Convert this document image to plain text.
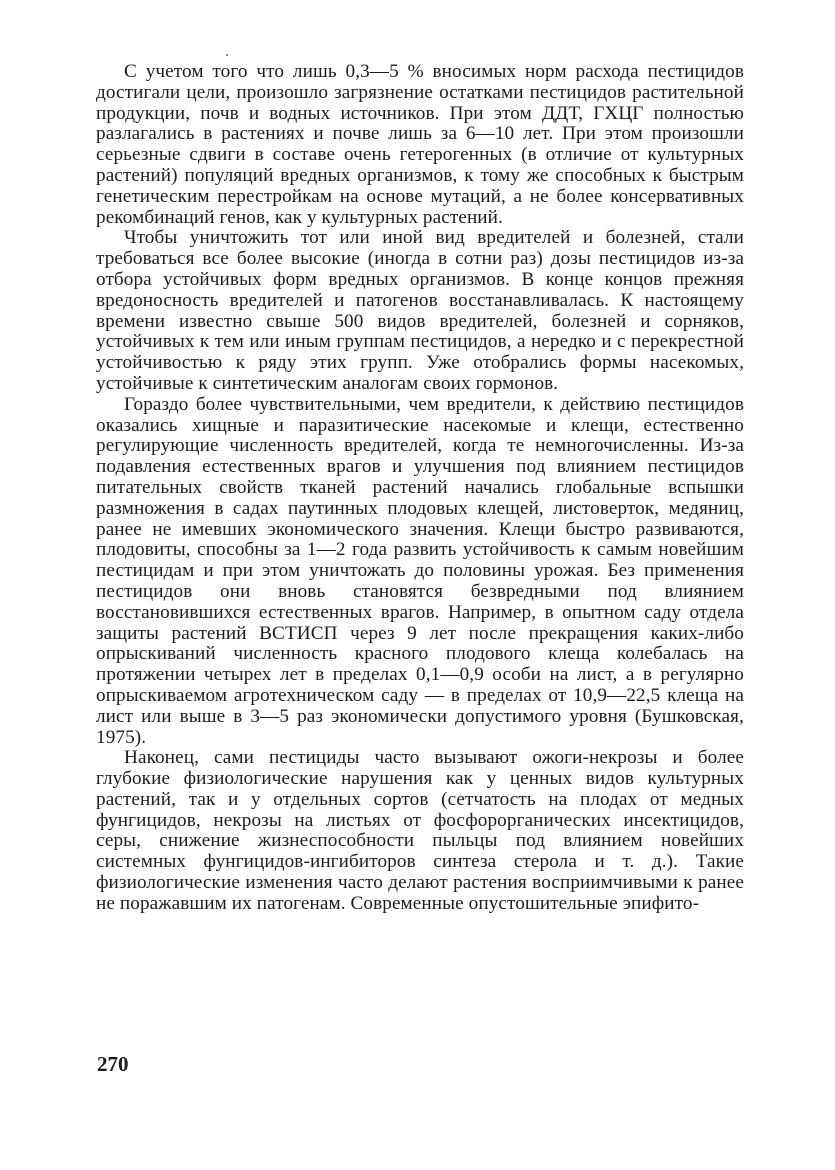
С учетом того что лишь 0,3—5 % вносимых норм расхода пестицидов достигали цели, произошло загрязнение остатками пестицидов растительной продукции, почв и водных источников. При этом ДДТ, ГХЦГ полностью разлагались в растениях и почве лишь за 6—10 лет. При этом произошли серьезные сдвиги в составе очень гетерогенных (в отличие от культурных растений) популяций вредных организмов, к тому же способных к быстрым генетическим перестройкам на основе мутаций, а не более консервативных рекомбинаций генов, как у культурных растений.

Чтобы уничтожить тот или иной вид вредителей и болезней, стали требоваться все более высокие (иногда в сотни раз) дозы пестицидов из-за отбора устойчивых форм вредных организмов. В конце концов прежняя вредоносность вредителей и патогенов восстанавливалась. К настоящему времени известно свыше 500 видов вредителей, болезней и сорняков, устойчивых к тем или иным группам пестицидов, а нередко и с перекрестной устойчивостью к ряду этих групп. Уже отобрались формы насекомых, устойчивые к синтетическим аналогам своих гормонов.

Гораздо более чувствительными, чем вредители, к действию пестицидов оказались хищные и паразитические насекомые и клещи, естественно регулирующие численность вредителей, когда те немногочисленны. Из-за подавления естественных врагов и улучшения под влиянием пестицидов питательных свойств тканей растений начались глобальные вспышки размножения в садах паутинных плодовых клещей, листоверток, медяниц, ранее не имевших экономического значения. Клещи быстро развиваются, плодовиты, способны за 1—2 года развить устойчивость к самым новейшим пестицидам и при этом уничтожать до половины урожая. Без применения пестицидов они вновь становятся безвредными под влиянием восстановившихся естественных врагов. Например, в опытном саду отдела защиты растений ВСТИСП через 9 лет после прекращения каких-либо опрыскиваний численность красного плодового клеща колебалась на протяжении четырех лет в пределах 0,1—0,9 особи на лист, а в регулярно опрыскиваемом агротехническом саду — в пределах от 10,9—22,5 клеща на лист или выше в 3—5 раз экономически допустимого уровня (Бушковская, 1975).

Наконец, сами пестициды часто вызывают ожоги-некрозы и более глубокие физиологические нарушения как у ценных видов культурных растений, так и у отдельных сортов (сетчатость на плодах от медных фунгицидов, некрозы на листьях от фосфорорганических инсектицидов, серы, снижение жизнеспособности пыльцы под влиянием новейших системных фунгицидов-ингибиторов синтеза стерола и т. д.). Такие физиологические изменения часто делают растения восприимчивыми к ранее не поражавшим их патогенам. Современные опустошительные эпифито-

270
